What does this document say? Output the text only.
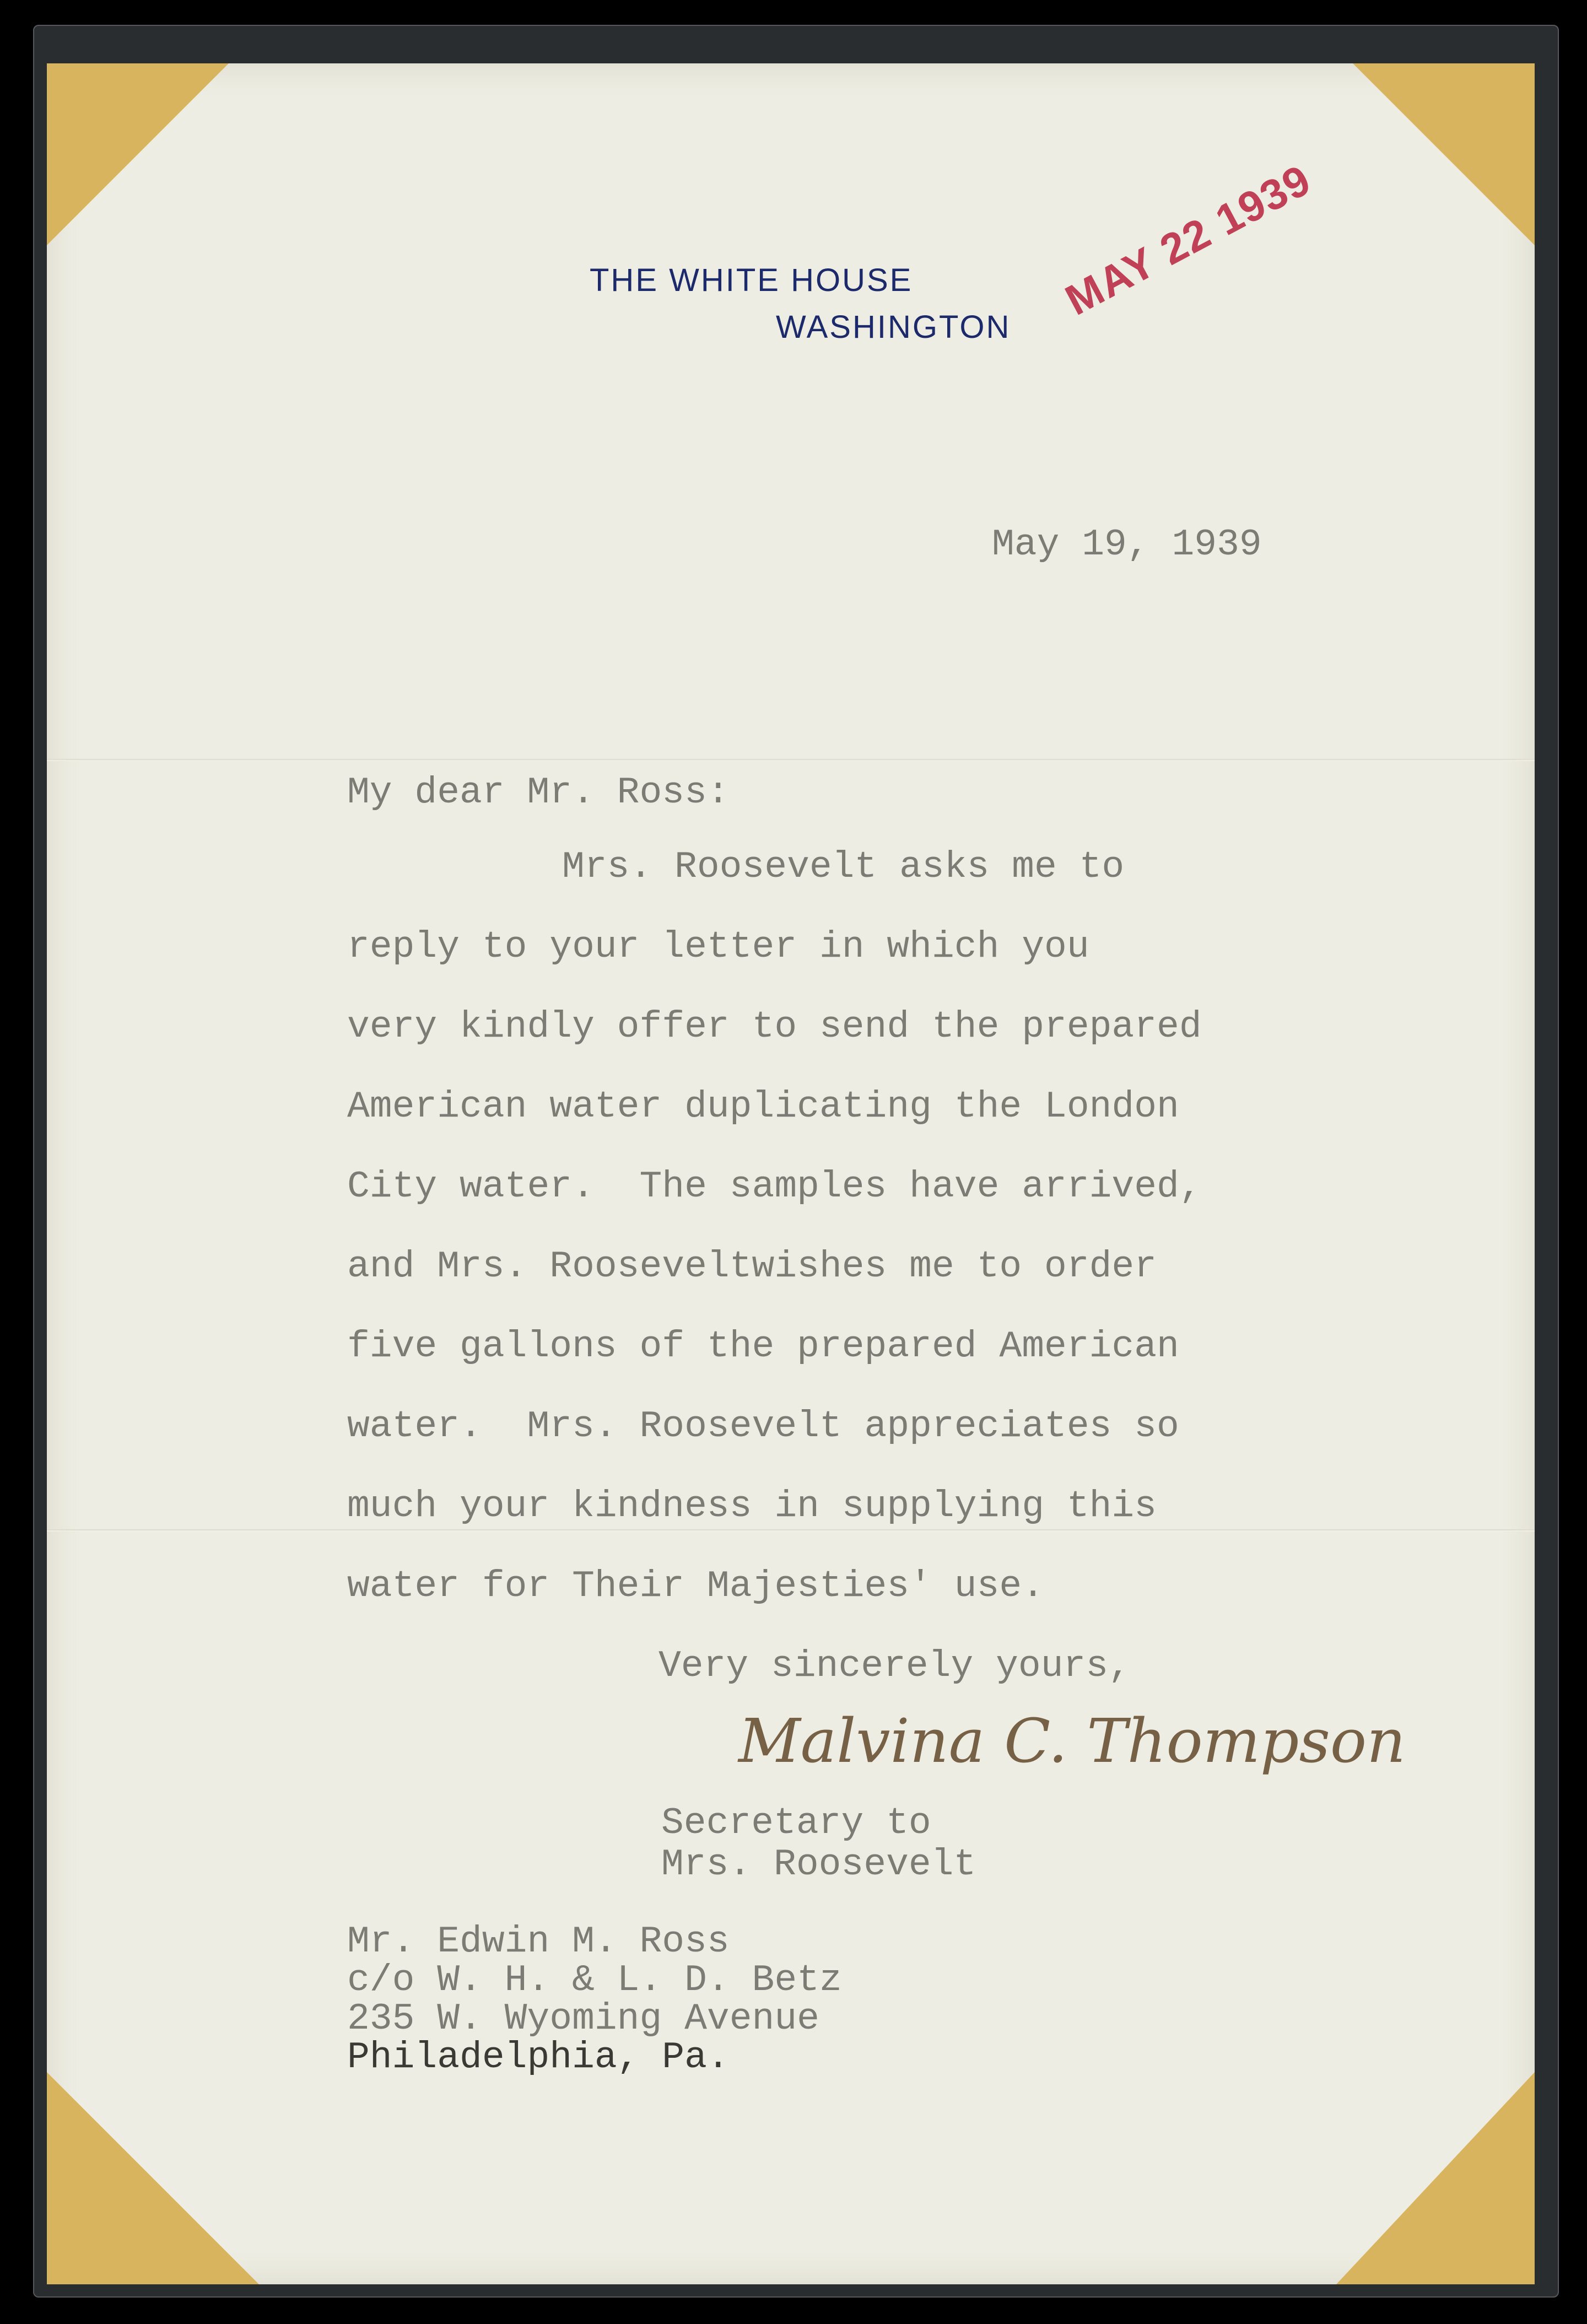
THE WHITE HOUSE
WASHINGTON
MAY 22 1939
May 19, 1939
My dear Mr. Ross:
Mrs. Roosevelt asks me to
reply to your letter in which you
very kindly offer to send the prepared
American water duplicating the London
City water.  The samples have arrived,
and Mrs. Rooseveltwishes me to order
five gallons of the prepared American
water.  Mrs. Roosevelt appreciates so
much your kindness in supplying this
water for Their Majesties' use.
Very sincerely yours,
Malvina C. Thompson
Secretary to
Mrs. Roosevelt
Mr. Edwin M. Ross
c/o W. H. & L. D. Betz
235 W. Wyoming Avenue
Philadelphia, Pa.
